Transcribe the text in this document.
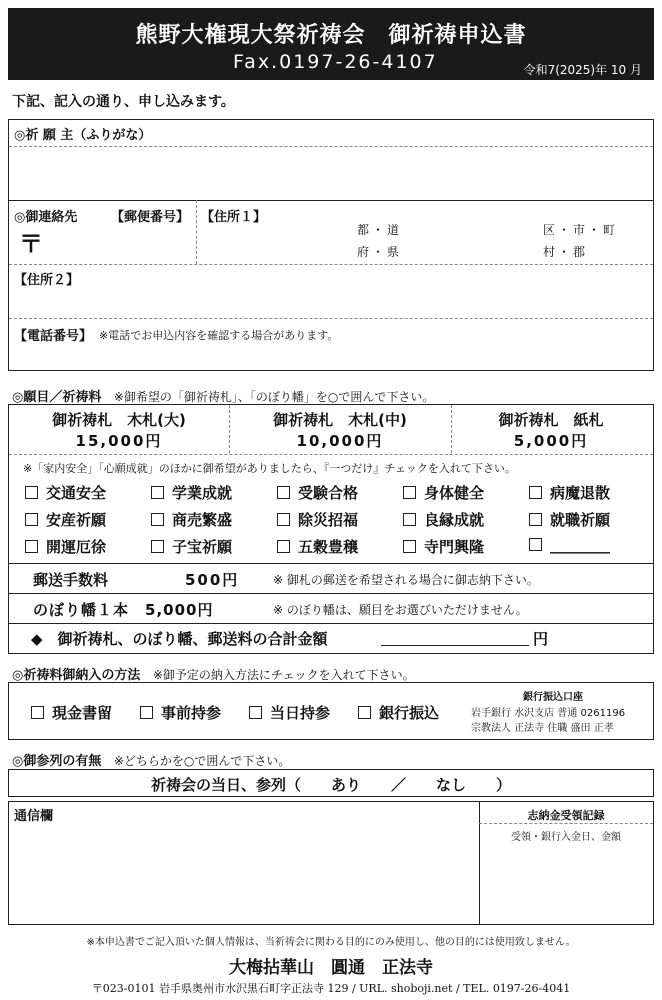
熊野大権現大祭祈祷会　御祈祷申込書
Fax.0197-26-4107	令和7(2025)年 10 月
下記、記入の通り、申し込みます。
◎祈 願 主（ふりがな）
◎御連絡先	【郵便番号】
〒
【住所１】
都・道
府・県
区・市・町
村・郡
【住所２】
【電話番号】 ※電話でお申込内容を確認する場合があります。
◎願目／祈祷料 ※御希望の「御祈祷札」、「のぼり幡」を○で囲んで下さい。
御祈祷札　木札(大)
15,000円
御祈祷札　木札(中)
10,000円
御祈祷札　紙札
5,000円
※「家内安全」「心願成就」のほかに御希望がありましたら、『一つだけ』チェックを入れて下さい。
交通安全	学業成就	受験合格	身体健全	病魔退散
安産祈願	商売繁盛	除災招福	良縁成就	就職祈願
開運厄徐	子宝祈願	五穀豊穣	寺門興隆	________
郵送手数料	500円	※ 御札の郵送を希望される場合に御志納下さい。
のぼり幡１本　5,000円	※ のぼり幡は、願目をお選びいただけません。
◆　御祈祷札、のぼり幡、郵送料の合計金額	円
◎祈祷料御納入の方法 ※御予定の納入方法にチェックを入れて下さい。
現金書留	事前持参	当日持参	銀行振込
銀行振込口座
岩手銀行 水沢支店 普通 0261196
宗教法人 正法寺 住職 盛田 正孝
◎御参列の有無 ※どちらかを○で囲んで下さい。
祈祷会の当日、参列（　　あり　　／　　なし　　）
通信欄	志納金受領記録
受領・銀行入金日、金額
※本申込書でご記入頂いた個人情報は、当祈祷会に関わる目的にのみ使用し、他の目的には使用致しません。
大梅拈華山　圓通　正法寺
〒023-0101 岩手県奥州市水沢黒石町字正法寺 129 / URL. shoboji.net / TEL. 0197-26-4041
